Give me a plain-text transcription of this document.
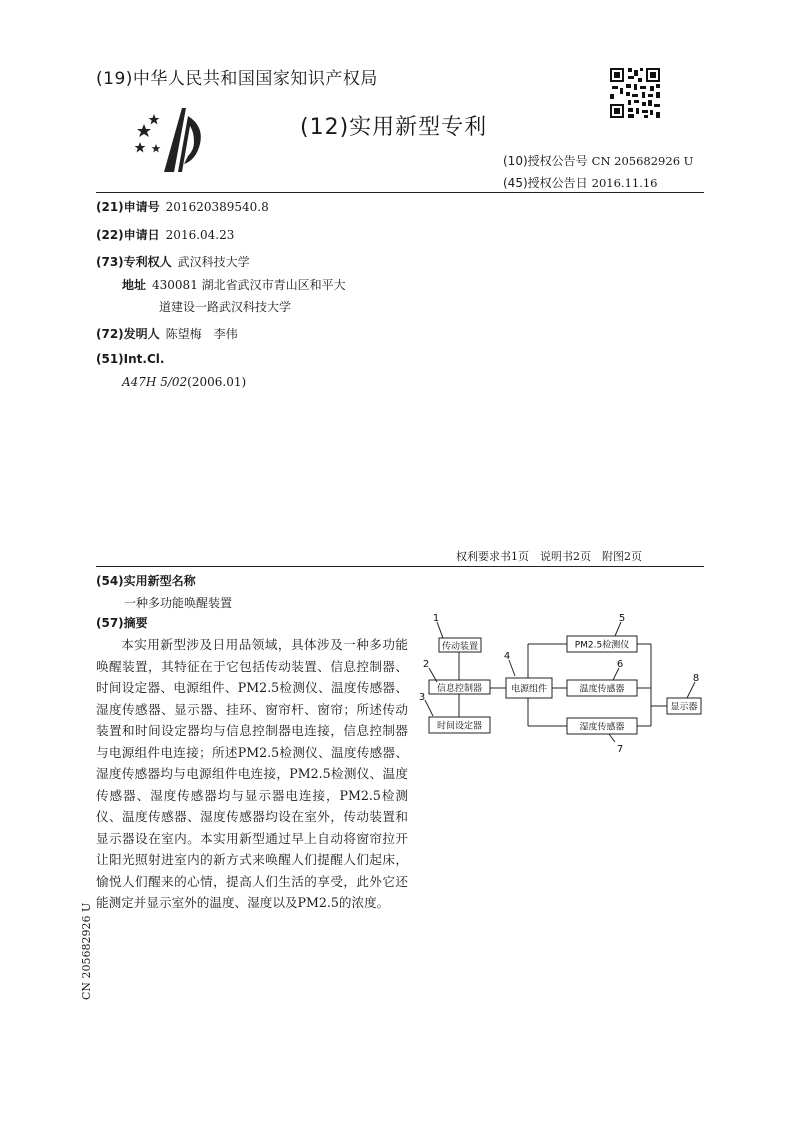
(19)中华人民共和国国家知识产权局
(12)实用新型专利
(10)授权公告号 CN 205682926 U
(45)授权公告日 2016.11.16
(21)申请号 201620389540.8
(22)申请日 2016.04.23
(73)专利权人 武汉科技大学
地址 430081 湖北省武汉市青山区和平大
道建设一路武汉科技大学
(72)发明人 陈望梅　李伟
(51)Int.Cl.
A47H 5/02(2006.01)
权利要求书1页　说明书2页　附图2页
(54)实用新型名称
一种多功能唤醒装置
(57)摘要

本实用新型涉及日用品领域，具体涉及一种多功能唤醒装置，其特征在于它包括传动装置、信息控制器、时间设定器、电源组件、PM2.5检测仪、温度传感器、湿度传感器、显示器、挂环、窗帘杆、窗帘；所述传动装置和时间设定器均与信息控制器电连接，信息控制器与电源组件电连接；所述PM2.5检测仪、温度传感器、湿度传感器均与电源组件电连接，PM2.5检测仪、温度传感器、湿度传感器均与显示器电连接，PM2.5检测仪、温度传感器、湿度传感器均设在室外，传动装置和显示器设在室内。本实用新型通过早上自动将窗帘拉开让阳光照射进室内的新方式来唤醒人们提醒人们起床，愉悦人们醒来的心情，提高人们生活的享受，此外它还能测定并显示室外的温度、湿度以及PM2.5的浓度。

传动装置
信息控制器
时间设定器
电源组件
PM2.5检测仪
温度传感器
湿度传感器
显示器
1
2
3
4
5
6
7
8
CN 205682926 U
